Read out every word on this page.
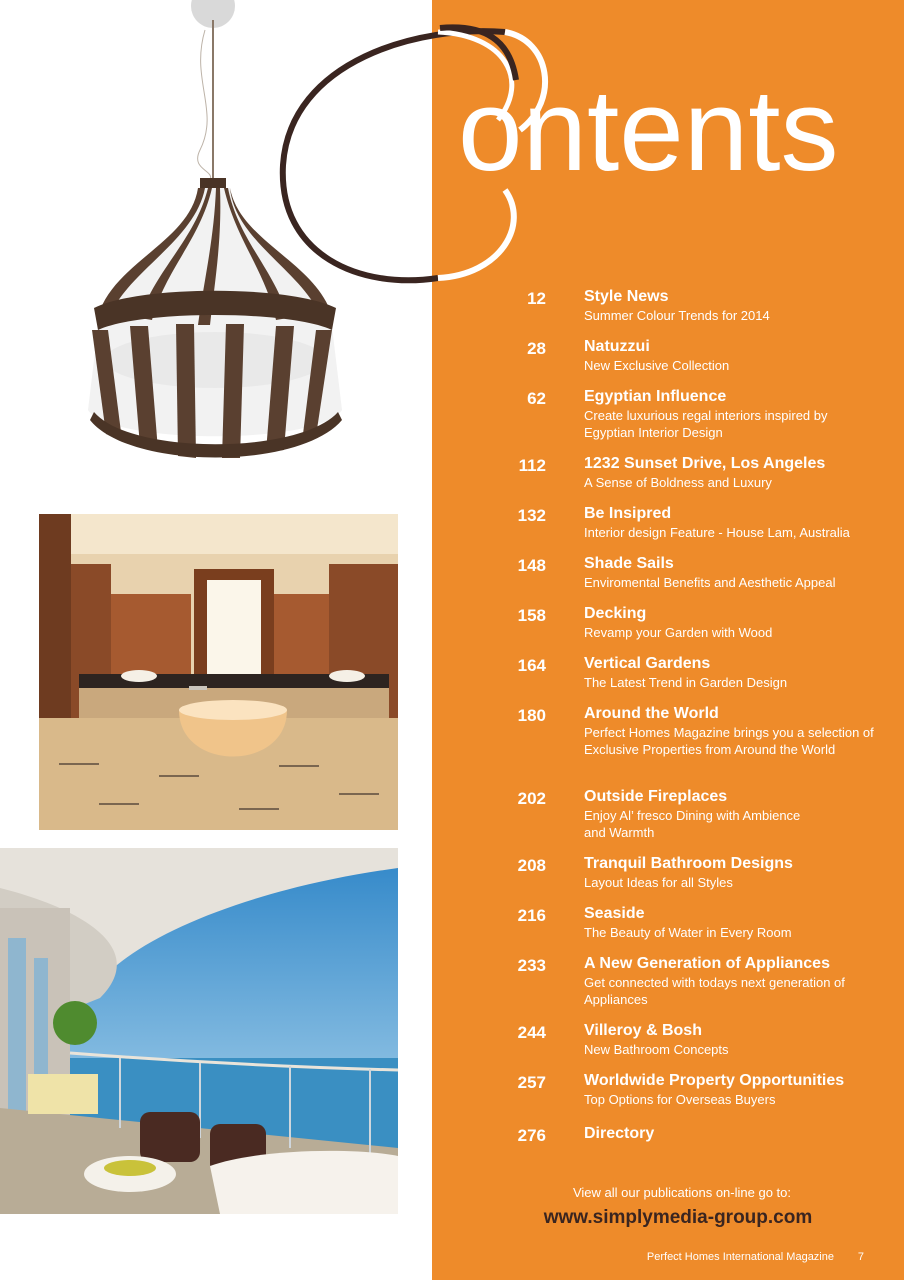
ontents
12 Style News
Summer Colour Trends for 2014
28 Natuzzui
New Exclusive Collection
62 Egyptian Influence
Create luxurious regal interiors inspired by Egyptian Interior Design
112 1232 Sunset Drive, Los Angeles
A Sense of Boldness and Luxury
132 Be Insipred
Interior design Feature - House Lam, Australia
148 Shade Sails
Enviromental Benefits and Aesthetic Appeal
158 Decking
Revamp your Garden with Wood
164 Vertical Gardens
The Latest Trend in Garden Design
180 Around the World
Perfect Homes Magazine brings you a selection of Exclusive Properties from Around the World
202 Outside Fireplaces
Enjoy Al’ fresco Dining with Ambience and Warmth
208 Tranquil Bathroom Designs
Layout Ideas for all Styles
216 Seaside
The Beauty of Water in Every Room
233 A New Generation of Appliances
Get connected with todays next generation of Appliances
244 Villeroy & Bosh
New Bathroom Concepts
257 Worldwide Property Opportunities
Top Options for Overseas Buyers
276 Directory
View all our publications on-line go to:
www.simplymedia-group.com
Perfect Homes International Magazine 7
